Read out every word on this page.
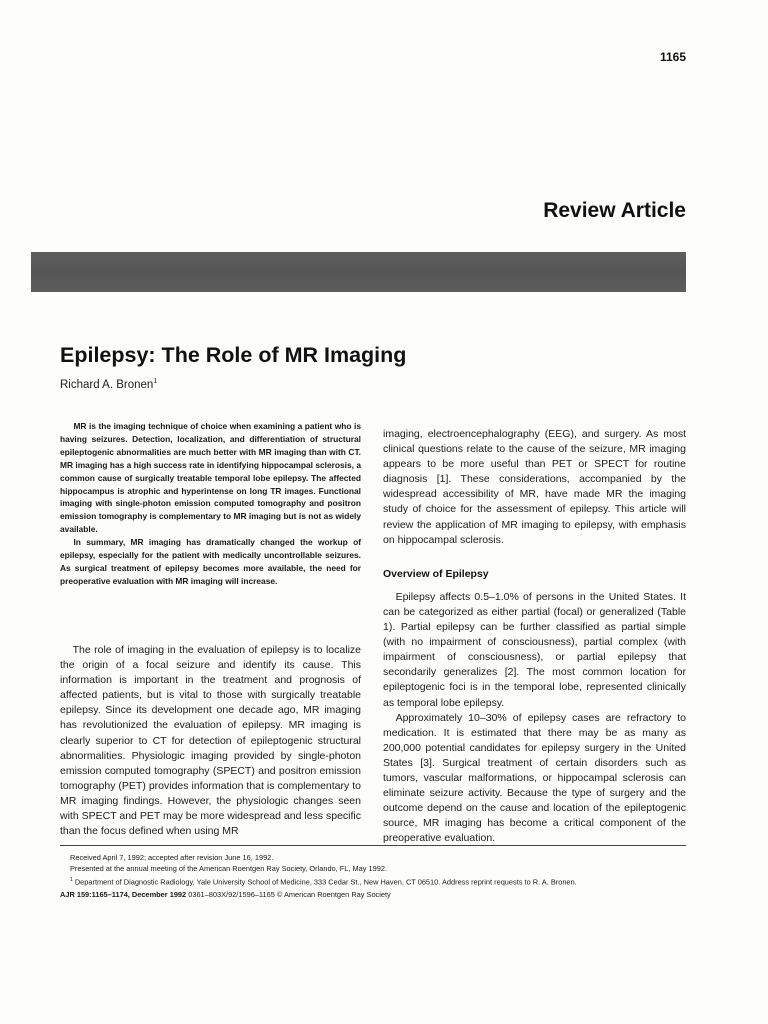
1165
Review Article
Epilepsy: The Role of MR Imaging
Richard A. Bronen$^1$

MR is the imaging technique of choice when examining a patient who is having seizures. Detection, localization, and differentiation of structural epileptogenic abnormalities are much better with MR imaging than with CT. MR imaging has a high success rate in identifying hippocampal sclerosis, a common cause of surgically treatable temporal lobe epilepsy. The affected hippocampus is atrophic and hyperintense on long TR images. Functional imaging with single-photon emission computed tomography and positron emission tomography is complementary to MR imaging but is not as widely available.

In summary, MR imaging has dramatically changed the workup of epilepsy, especially for the patient with medically uncontrollable seizures. As surgical treatment of epilepsy becomes more available, the need for preoperative evaluation with MR imaging will increase.

The role of imaging in the evaluation of epilepsy is to localize the origin of a focal seizure and identify its cause. This information is important in the treatment and prognosis of affected patients, but is vital to those with surgically treatable epilepsy. Since its development one decade ago, MR imaging has revolutionized the evaluation of epilepsy. MR imaging is clearly superior to CT for detection of epileptogenic structural abnormalities. Physiologic imaging provided by single-photon emission computed tomography (SPECT) and positron emission tomography (PET) provides information that is complementary to MR imaging findings. However, the physiologic changes seen with SPECT and PET may be more widespread and less specific than the focus defined when using MR

imaging, electroencephalography (EEG), and surgery. As most clinical questions relate to the cause of the seizure, MR imaging appears to be more useful than PET or SPECT for routine diagnosis [1]. These considerations, accompanied by the widespread accessibility of MR, have made MR the imaging study of choice for the assessment of epilepsy. This article will review the application of MR imaging to epilepsy, with emphasis on hippocampal sclerosis.

Overview of Epilepsy

Epilepsy affects 0.5–1.0% of persons in the United States. It can be categorized as either partial (focal) or generalized (Table 1). Partial epilepsy can be further classified as partial simple (with no impairment of consciousness), partial complex (with impairment of consciousness), or partial epilepsy that secondarily generalizes [2]. The most common location for epileptogenic foci is in the temporal lobe, represented clinically as temporal lobe epilepsy.

Approximately 10–30% of epilepsy cases are refractory to medication. It is estimated that there may be as many as 200,000 potential candidates for epilepsy surgery in the United States [3]. Surgical treatment of certain disorders such as tumors, vascular malformations, or hippocampal sclerosis can eliminate seizure activity. Because the type of surgery and the outcome depend on the cause and location of the epileptogenic source, MR imaging has become a critical component of the preoperative evaluation.

Received April 7, 1992; accepted after revision June 16, 1992.
Presented at the annual meeting of the American Roentgen Ray Society, Orlando, FL, May 1992.
$^1$ Department of Diagnostic Radiology, Yale University School of Medicine, 333 Cedar St., New Haven, CT 06510. Address reprint requests to R. A. Bronen.
AJR 159:1165–1174, December 1992 0361–803X/92/1596–1165 © American Roentgen Ray Society
